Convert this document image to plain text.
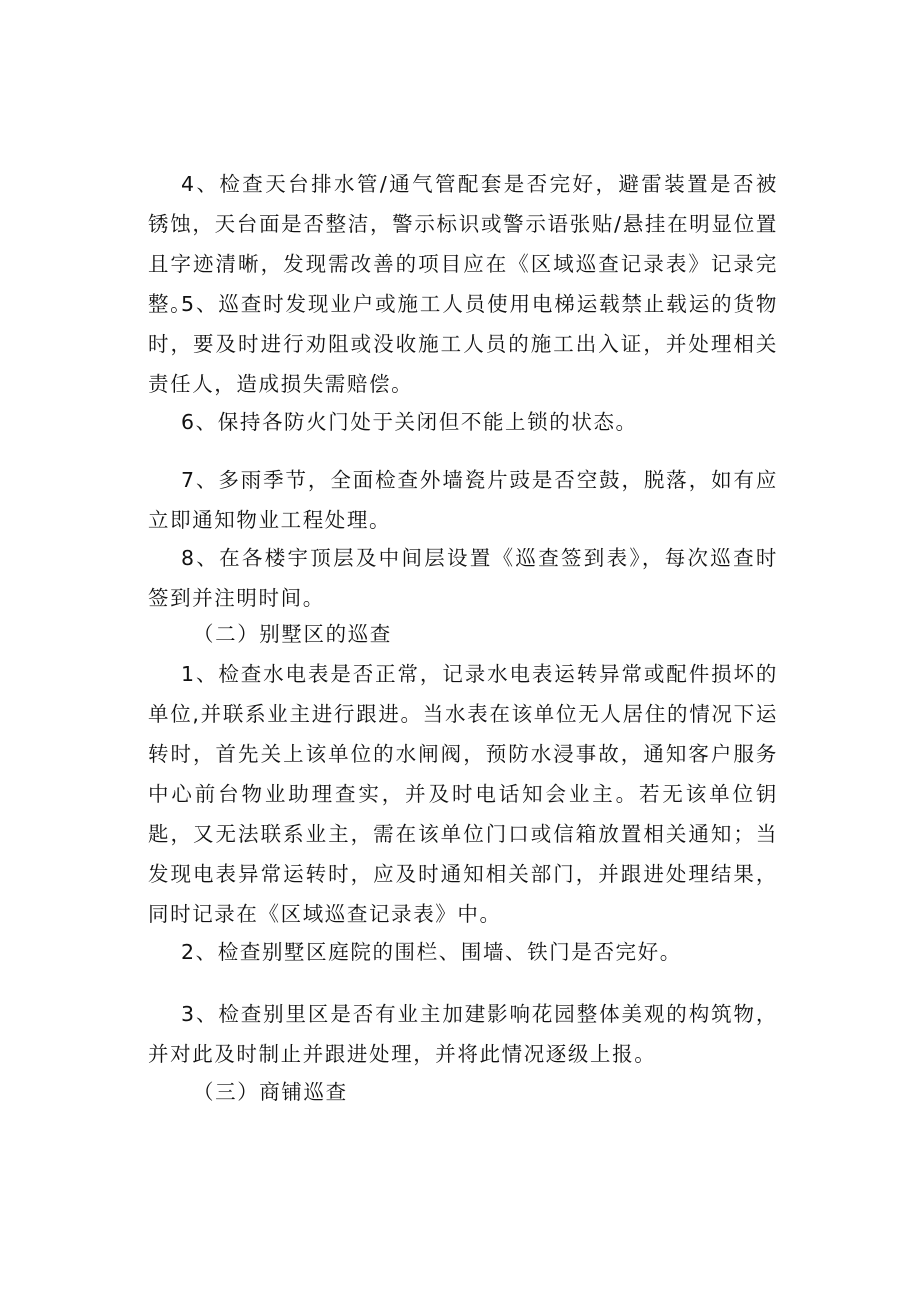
4、检查天台排水管/通气管配套是否完好，避雷装置是否被锈蚀，天台面是否整洁，警示标识或警示语张贴/悬挂在明显位置且字迹清晰，发现需改善的项目应在《区域巡查记录表》记录完整。

5、巡查时发现业户或施工人员使用电梯运载禁止载运的货物时，要及时进行劝阻或没收施工人员的施工出入证，并处理相关责任人，造成损失需赔偿。

6、保持各防火门处于关闭但不能上锁的状态。

7、多雨季节，全面检查外墙瓷片豉是否空鼓，脱落，如有应立即通知物业工程处理。

8、在各楼宇顶层及中间层设置《巡查签到表》，每次巡查时签到并注明时间。

（二）别墅区的巡查

1、检查水电表是否正常，记录水电表运转异常或配件损坏的单位,并联系业主进行跟进。当水表在该单位无人居住的情况下运转时，首先关上该单位的水闸阀，预防水浸事故，通知客户服务中心前台物业助理查实，并及时电话知会业主。若无该单位钥匙，又无法联系业主，需在该单位门口或信箱放置相关通知；当发现电表异常运转时，应及时通知相关部门，并跟进处理结果，同时记录在《区域巡查记录表》中。

2、检查别墅区庭院的围栏、围墙、铁门是否完好。

3、检查别里区是否有业主加建影响花园整体美观的构筑物，并对此及时制止并跟进处理，并将此情况逐级上报。

（三）商铺巡查
